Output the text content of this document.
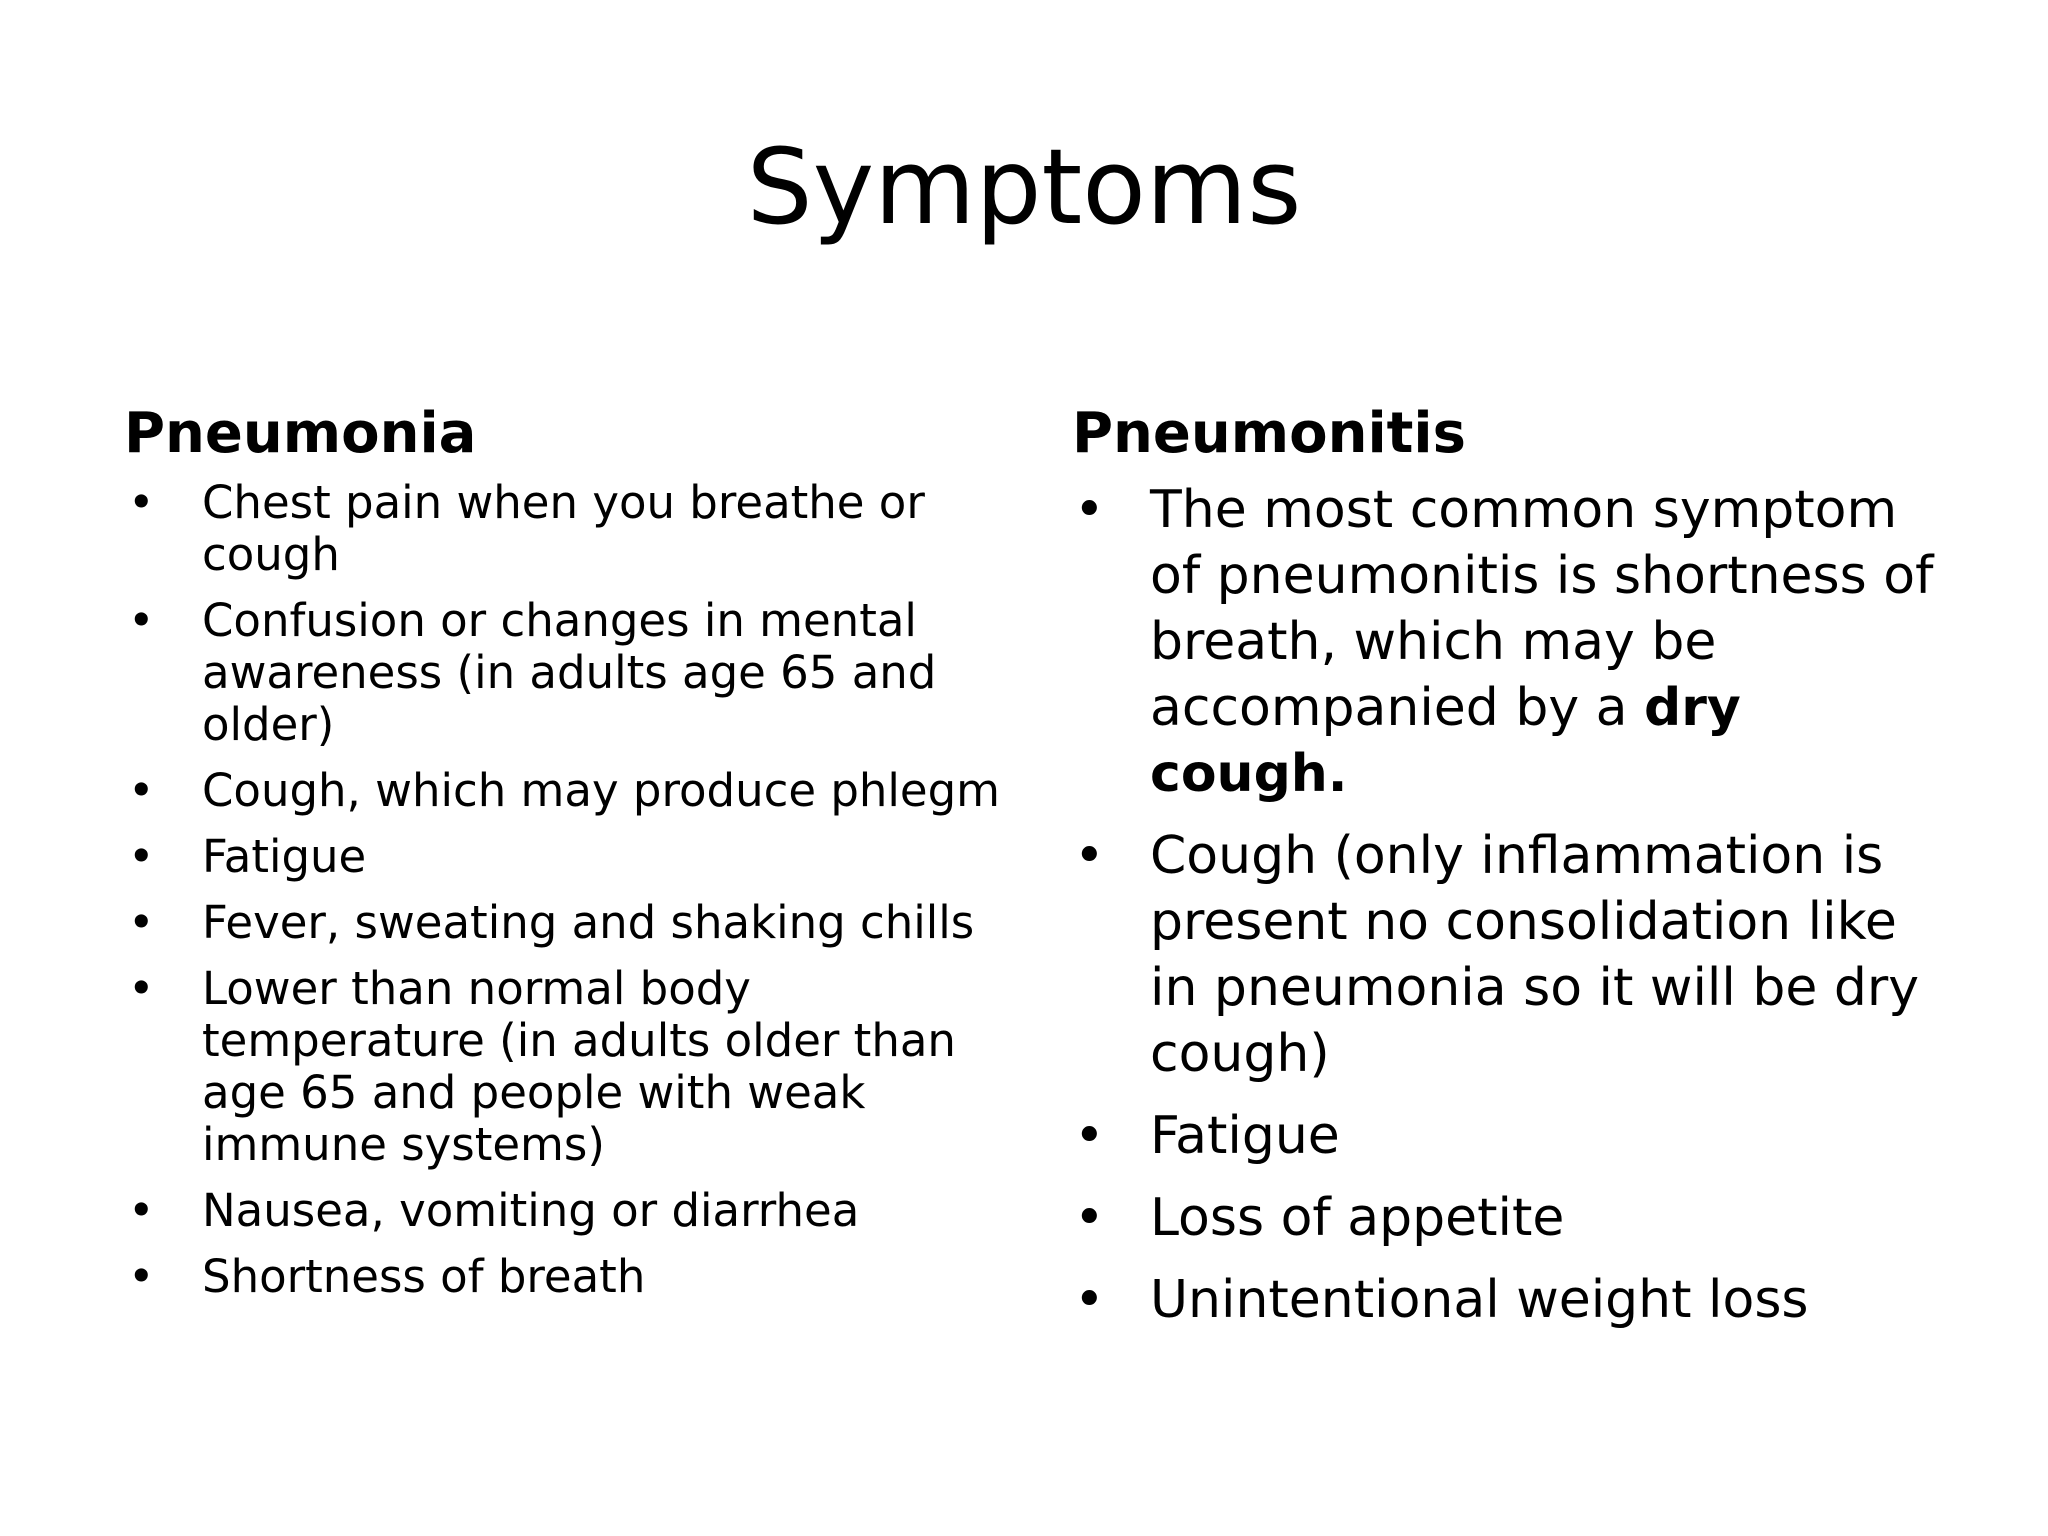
Symptoms
Pneumonia
• Chest pain when you breathe or cough
• Confusion or changes in mental awareness (in adults age 65 and older)
• Cough, which may produce phlegm
• Fatigue
• Fever, sweating and shaking chills
• Lower than normal body temperature (in adults older than age 65 and people with weak immune systems)
• Nausea, vomiting or diarrhea
• Shortness of breath
Pneumonitis
• The most common symptom of pneumonitis is shortness of breath, which may be accompanied by a dry cough.
• Cough (only inflammation is present no consolidation like in pneumonia so it will be dry cough)
• Fatigue
• Loss of appetite
• Unintentional weight loss
